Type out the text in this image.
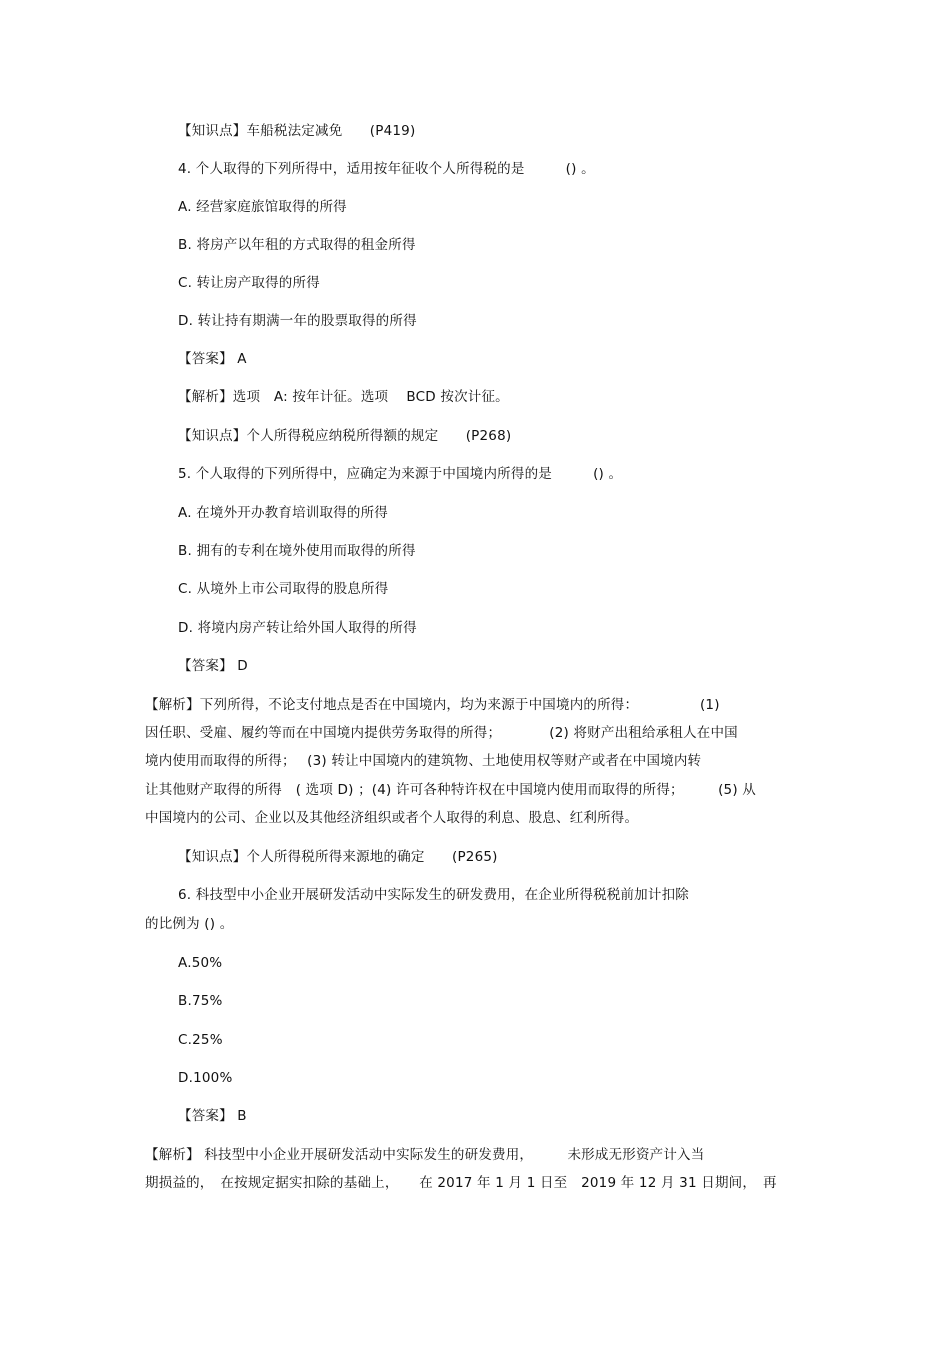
【知识点】车船税法定减免　　(P419)
4. 个人取得的下列所得中，适用按年征收个人所得税的是　　　() 。
A. 经营家庭旅馆取得的所得
B. 将房产以年租的方式取得的租金所得
C. 转让房产取得的所得
D. 转让持有期满一年的股票取得的所得
【答案】 A
【解析】选项　A: 按年计征。选项　 BCD 按次计征。
【知识点】个人所得税应纳税所得额的规定　　(P268)
5. 个人取得的下列所得中，应确定为来源于中国境内所得的是　　　() 。
A. 在境外开办教育培训取得的所得
B. 拥有的专利在境外使用而取得的所得
C. 从境外上市公司取得的股息所得
D. 将境内房产转让给外国人取得的所得
【答案】 D
【解析】下列所得，不论支付地点是否在中国境内，均为来源于中国境内的所得：　　　　　(1)
因任职、受雇、履约等而在中国境内提供劳务取得的所得；　　　　(2) 将财产出租给承租人在中国
境内使用而取得的所得；　 (3) 转让中国境内的建筑物、土地使用权等财产或者在中国境内转
让其他财产取得的所得　( 选项 D) ；(4) 许可各种特许权在中国境内使用而取得的所得；　　　(5) 从
中国境内的公司、企业以及其他经济组织或者个人取得的利息、股息、红利所得。
【知识点】个人所得税所得来源地的确定　　(P265)
6. 科技型中小企业开展研发活动中实际发生的研发费用，在企业所得税税前加计扣除
的比例为 () 。
A.50%
B.75%
C.25%
D.100%
【答案】 B
【解析】 科技型中小企业开展研发活动中实际发生的研发费用，　　　未形成无形资产计入当
期损益的，　在按规定据实扣除的基础上，　　在 2017 年 1 月 1 日至　2019 年 12 月 31 日期间，　再
